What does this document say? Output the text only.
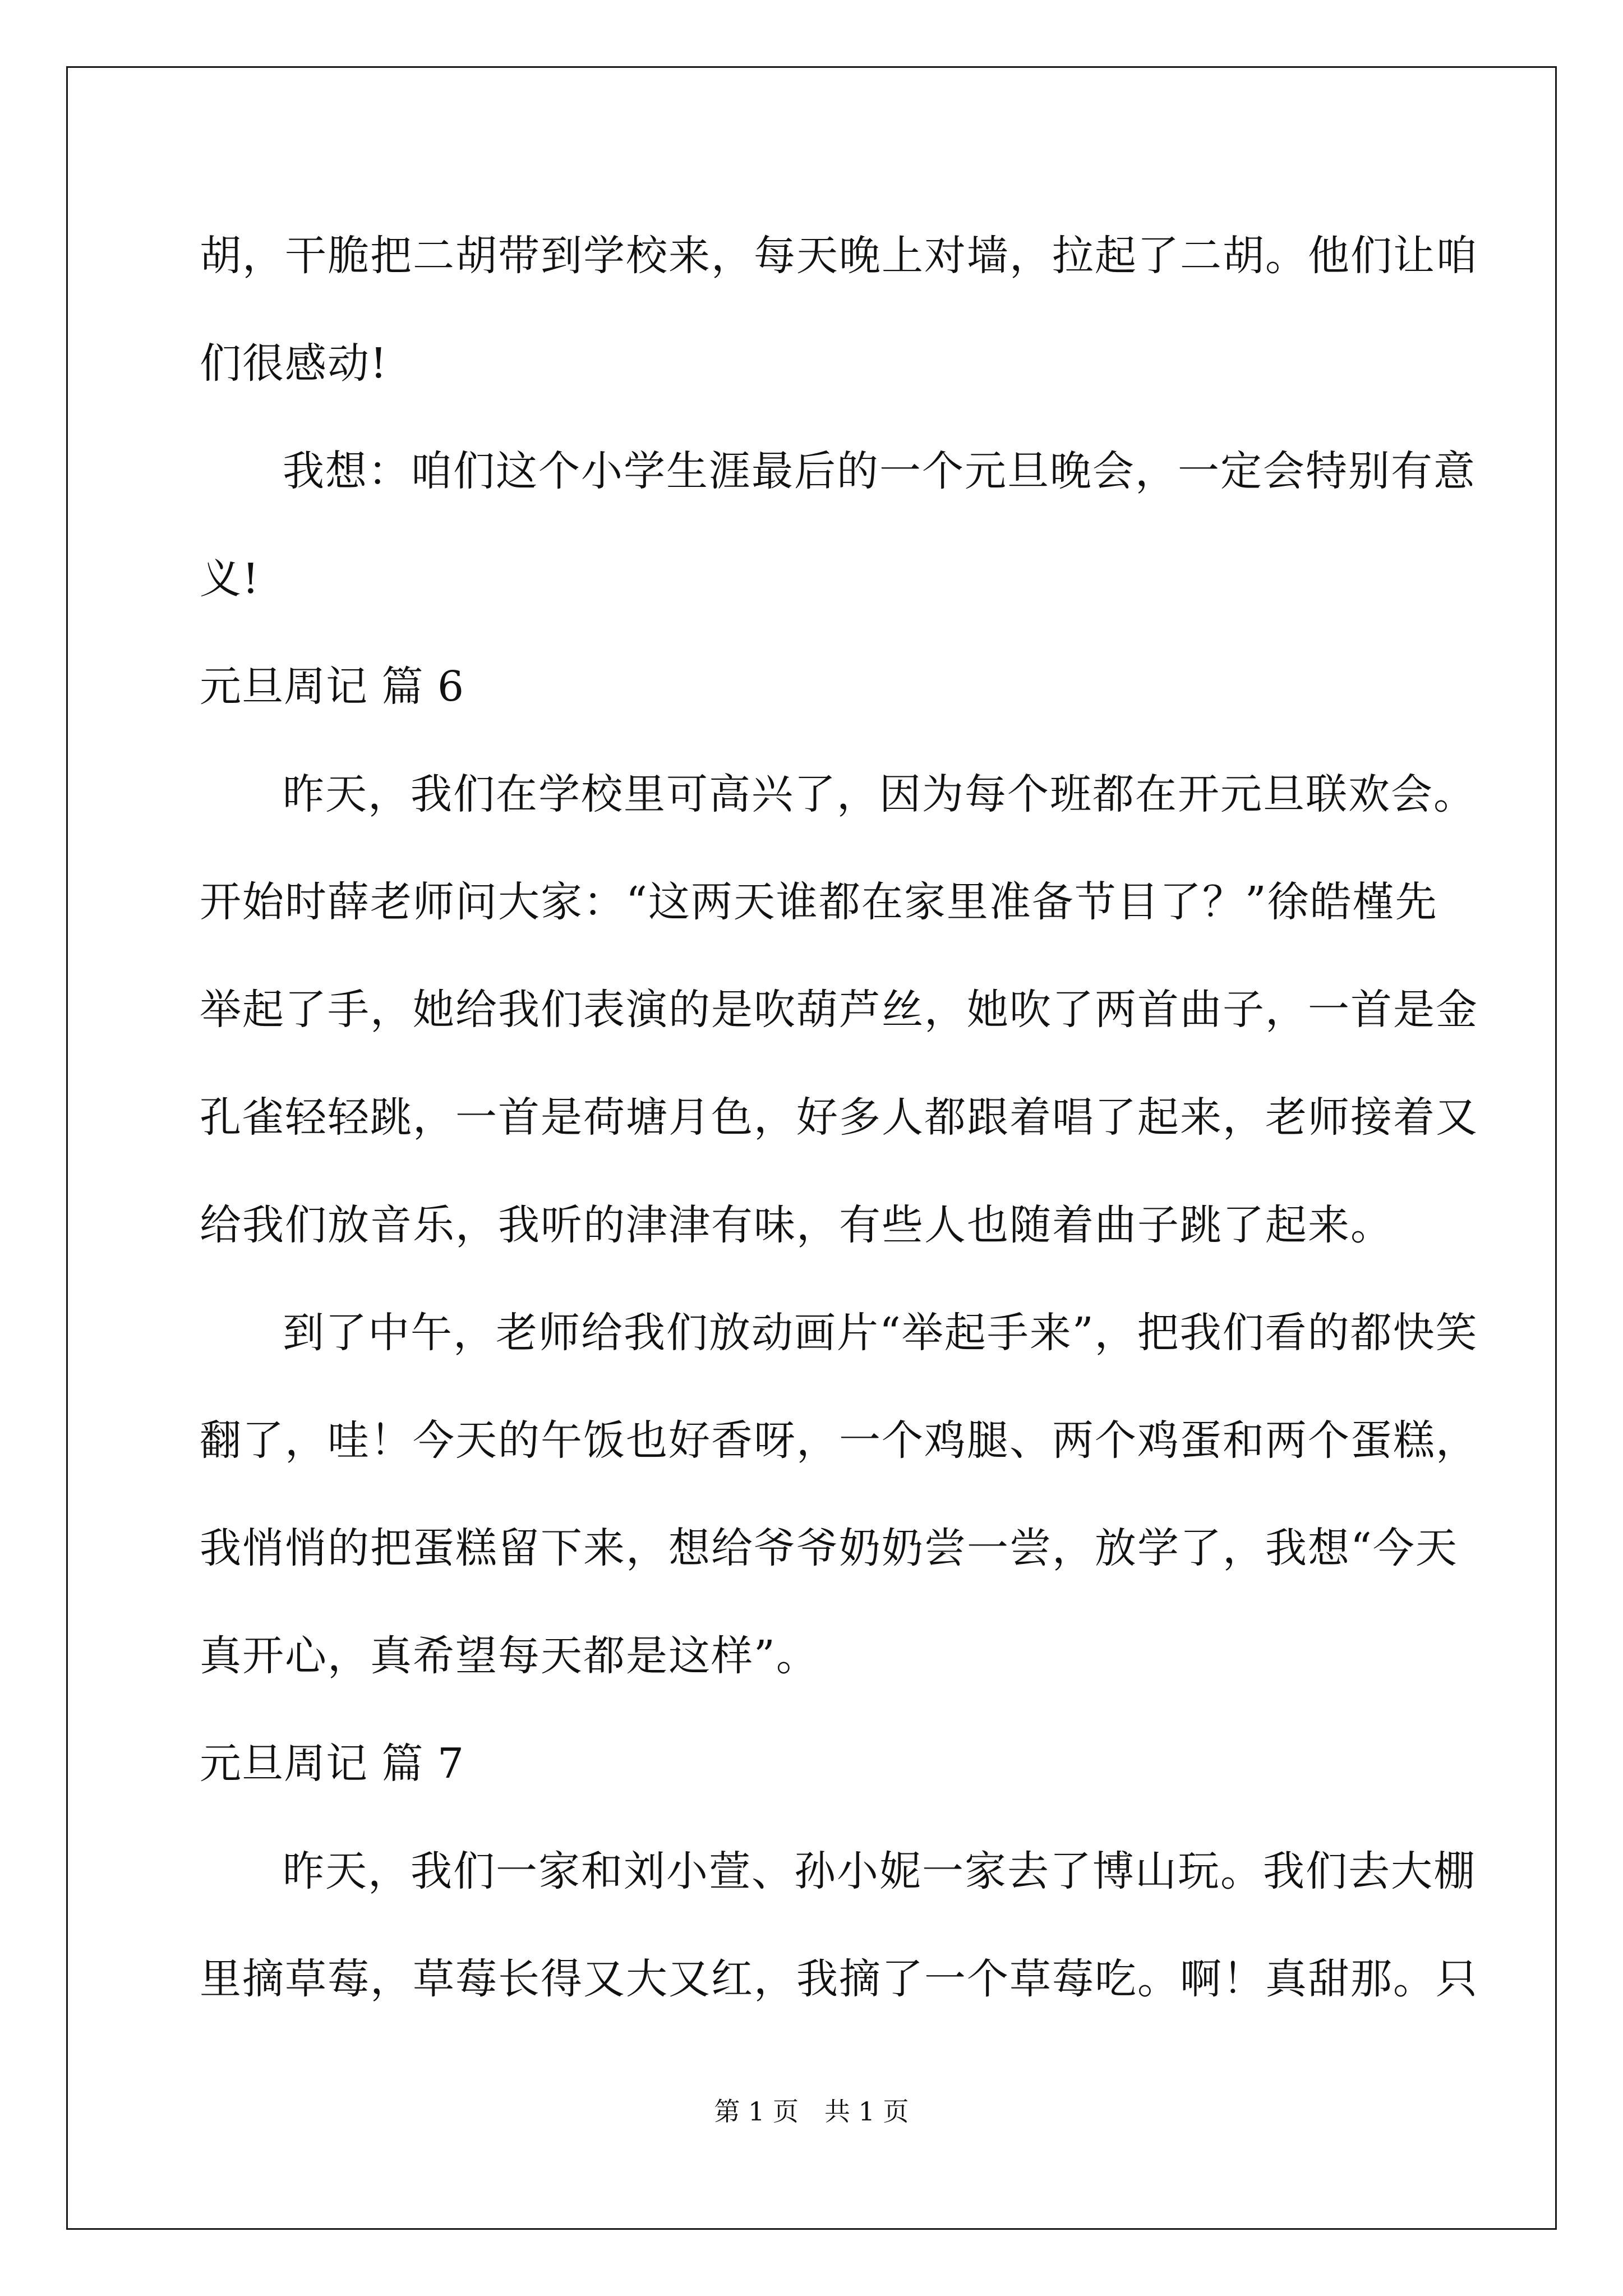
胡，干脆把二胡带到学校来，每天晚上对墙，拉起了二胡。他们让咱
们很感动!
我想：咱们这个小学生涯最后的一个元旦晚会，一定会特别有意
义!
元旦周记 篇 6
昨天，我们在学校里可高兴了，因为每个班都在开元旦联欢会。
开始时薛老师问大家：“这两天谁都在家里准备节目了？”徐皓槿先
举起了手，她给我们表演的是吹葫芦丝，她吹了两首曲子，一首是金
孔雀轻轻跳，一首是荷塘月色，好多人都跟着唱了起来，老师接着又
给我们放音乐，我听的津津有味，有些人也随着曲子跳了起来。
到了中午，老师给我们放动画片“举起手来”，把我们看的都快笑
翻了，哇！今天的午饭也好香呀，一个鸡腿、两个鸡蛋和两个蛋糕，
我悄悄的把蛋糕留下来，想给爷爷奶奶尝一尝，放学了，我想“今天
真开心，真希望每天都是这样”。
元旦周记 篇 7
昨天，我们一家和刘小萱、孙小妮一家去了博山玩。我们去大棚
里摘草莓，草莓长得又大又红，我摘了一个草莓吃。啊！真甜那。只
第 1 页 共 1 页
